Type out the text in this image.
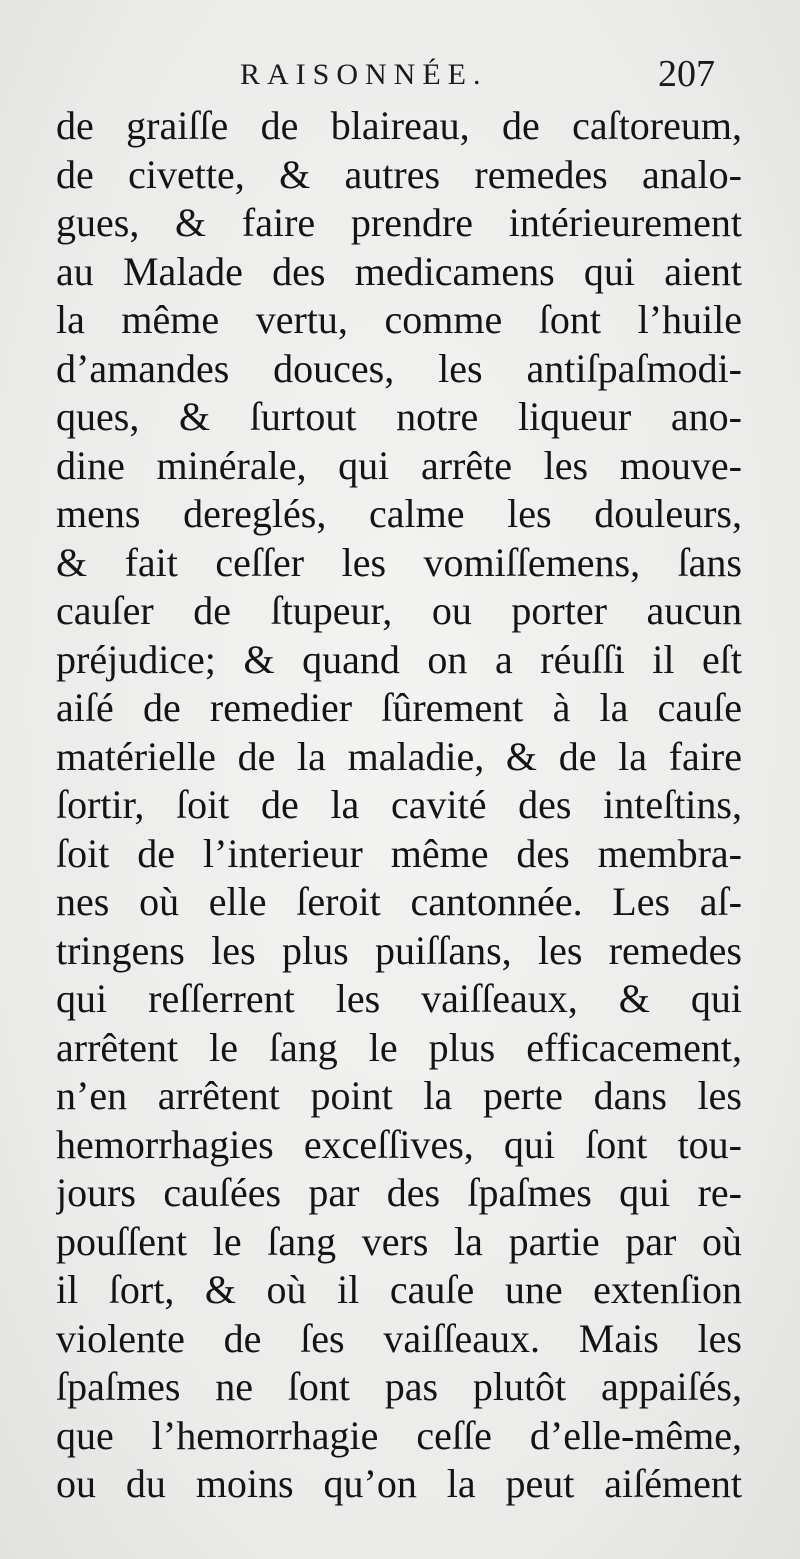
RAISONNÉE.	207
de graiſſe de blaireau, de caſtoreum,
de civette, & autres remedes analo-
gues, & faire prendre intérieurement
au Malade des medicamens qui aient
la même vertu, comme ſont l’huile
d’amandes douces, les antiſpaſmodi-
ques, & ſurtout notre liqueur ano-
dine minérale, qui arrête les mouve-
mens dereglés, calme les douleurs,
& fait ceſſer les vomiſſemens, ſans
cauſer de ſtupeur, ou porter aucun
préjudice; & quand on a réuſſi il eſt
aiſé de remedier ſûrement à la cauſe
matérielle de la maladie, & de la faire
ſortir, ſoit de la cavité des inteſtins,
ſoit de l’interieur même des membra-
nes où elle ſeroit cantonnée. Les aſ-
tringens les plus puiſſans, les remedes
qui reſſerrent les vaiſſeaux, & qui
arrêtent le ſang le plus efficacement,
n’en arrêtent point la perte dans les
hemorrhagies exceſſives, qui ſont tou-
jours cauſées par des ſpaſmes qui re-
pouſſent le ſang vers la partie par où
il ſort, & où il cauſe une extenſion
violente de ſes vaiſſeaux. Mais les
ſpaſmes ne ſont pas plutôt appaiſés,
que l’hemorrhagie ceſſe d’elle-même,
ou du moins qu’on la peut aiſément
